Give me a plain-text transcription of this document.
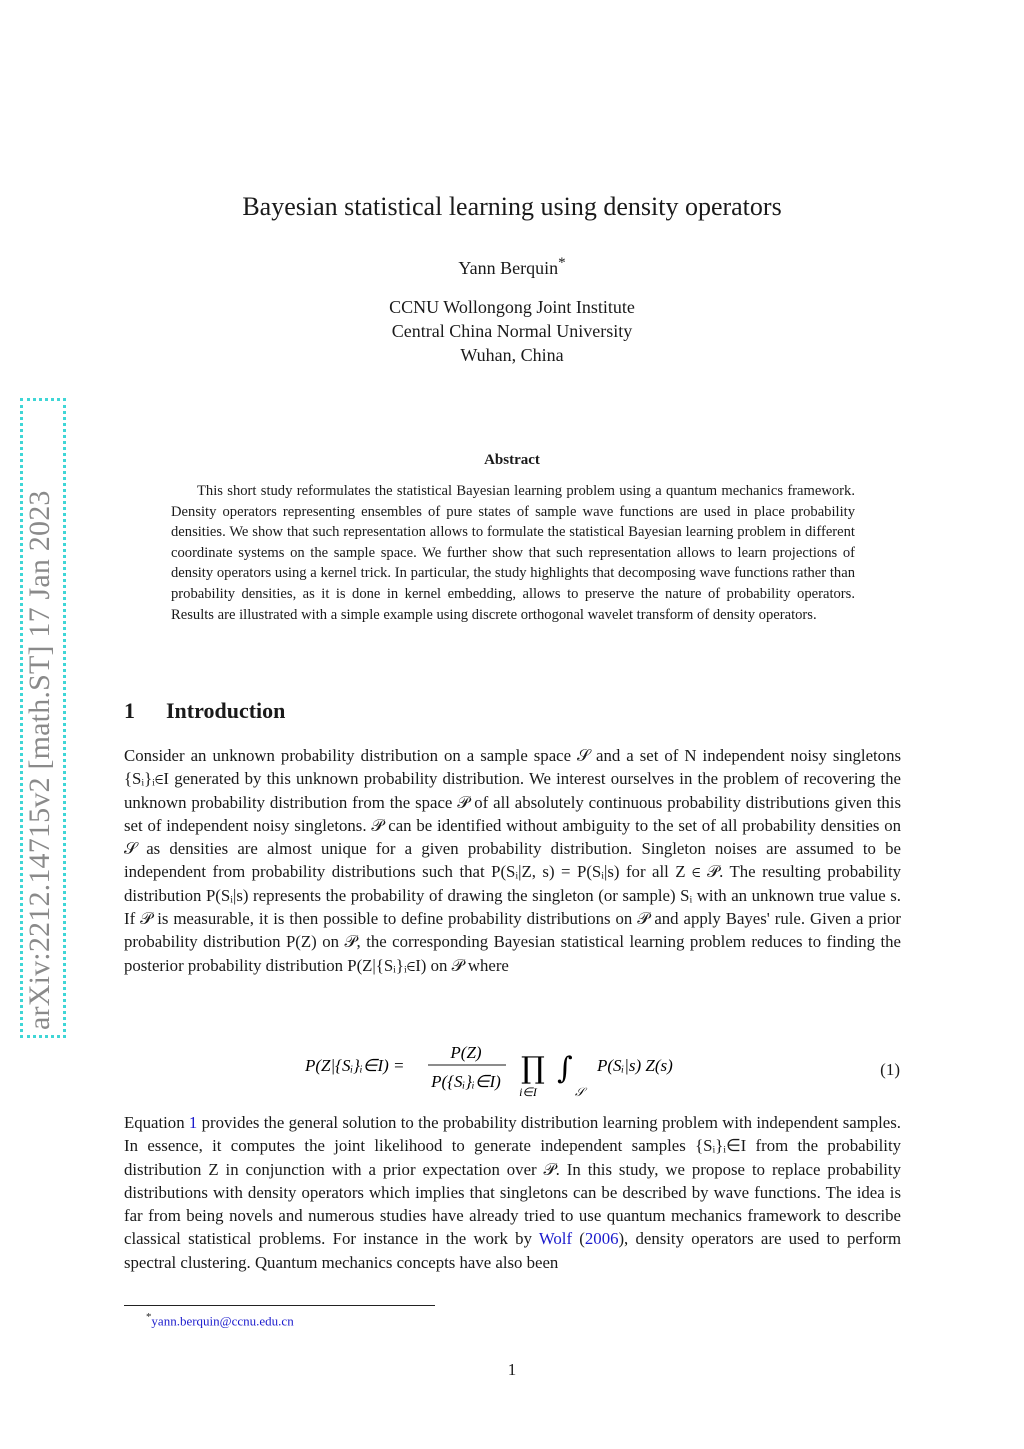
arXiv:2212.14715v2 [math.ST] 17 Jan 2023
Bayesian statistical learning using density operators
Yann Berquin*
CCNU Wollongong Joint Institute
Central China Normal University
Wuhan, China
Abstract

This short study reformulates the statistical Bayesian learning problem using a quantum mechanics framework. Density operators representing ensembles of pure states of sample wave functions are used in place probability densities. We show that such representation allows to formulate the statistical Bayesian learning problem in different coordinate systems on the sample space. We further show that such representation allows to learn projections of density operators using a kernel trick. In particular, the study highlights that decomposing wave functions rather than probability densities, as it is done in kernel embedding, allows to preserve the nature of probability operators. Results are illustrated with a simple example using discrete orthogonal wavelet transform of density operators.

1 Introduction

Consider an unknown probability distribution on a sample space 𝒮 and a set of N independent noisy singletons {Sᵢ}ᵢ∈I generated by this unknown probability distribution. We interest ourselves in the problem of recovering the unknown probability distribution from the space 𝒫 of all absolutely continuous probability distributions given this set of independent noisy singletons. 𝒫 can be identified without ambiguity to the set of all probability densities on 𝒮 as densities are almost unique for a given probability distribution. Singleton noises are assumed to be independent from probability distributions such that P(Sᵢ|Z, s) = P(Sᵢ|s) for all Z ∈ 𝒫. The resulting probability distribution P(Sᵢ|s) represents the probability of drawing the singleton (or sample) Sᵢ with an unknown true value s. If 𝒫 is measurable, it is then possible to define probability distributions on 𝒫 and apply Bayes' rule. Given a prior probability distribution P(Z) on 𝒫, the corresponding Bayesian statistical learning problem reduces to finding the posterior probability distribution P(Z|{Sᵢ}ᵢ∈I) on 𝒫 where

P(Z|{Sᵢ}ᵢ∈I) =
P(Z)
P({Sᵢ}ᵢ∈I) ∏
i∈I
∫
𝒮
P(Sᵢ|s) Z(s)	(1)

Equation 1 provides the general solution to the probability distribution learning problem with independent samples. In essence, it computes the joint likelihood to generate independent samples {Sᵢ}ᵢ∈I from the probability distribution Z in conjunction with a prior expectation over 𝒫. In this study, we propose to replace probability distributions with density operators which implies that singletons can be described by wave functions. The idea is far from being novels and numerous studies have already tried to use quantum mechanics framework to describe classical statistical problems. For instance in the work by Wolf (2006), density operators are used to perform spectral clustering. Quantum mechanics concepts have also been

*yann.berquin@ccnu.edu.cn
1
